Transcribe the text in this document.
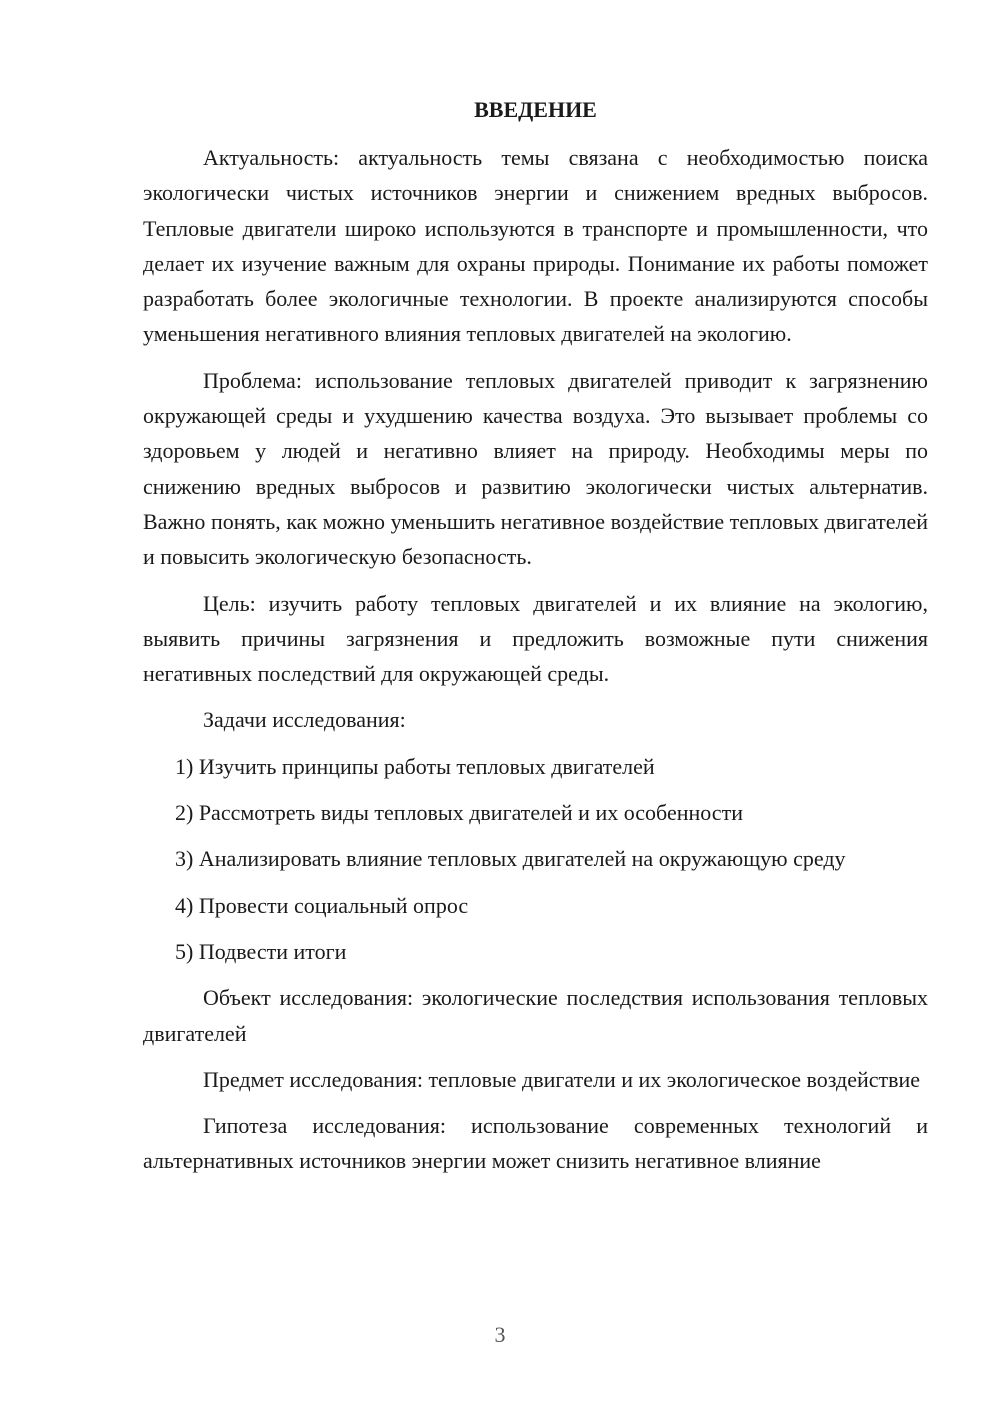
ВВЕДЕНИЕ

Актуальность: актуальность темы связана с необходимостью поиска экологически чистых источников энергии и снижением вредных выбросов. Тепловые двигатели широко используются в транспорте и промышленности, что делает их изучение важным для охраны природы. Понимание их работы поможет разработать более экологичные технологии. В проекте анализируются способы уменьшения негативного влияния тепловых двигателей на экологию.

Проблема: использование тепловых двигателей приводит к загрязнению окружающей среды и ухудшению качества воздуха. Это вызывает проблемы со здоровьем у людей и негативно влияет на природу. Необходимы меры по снижению вредных выбросов и развитию экологически чистых альтернатив. Важно понять, как можно уменьшить негативное воздействие тепловых двигателей и повысить экологическую безопасность.

Цель: изучить работу тепловых двигателей и их влияние на экологию, выявить причины загрязнения и предложить возможные пути снижения негативных последствий для окружающей среды.

Задачи исследования:

1) Изучить принципы работы тепловых двигателей

2) Рассмотреть виды тепловых двигателей и их особенности

3) Анализировать влияние тепловых двигателей на окружающую среду

4) Провести социальный опрос

5) Подвести итоги

Объект исследования: экологические последствия использования тепловых двигателей

Предмет исследования: тепловые двигатели и их экологическое воздействие

Гипотеза исследования: использование современных технологий и альтернативных источников энергии может снизить негативное влияние

3
